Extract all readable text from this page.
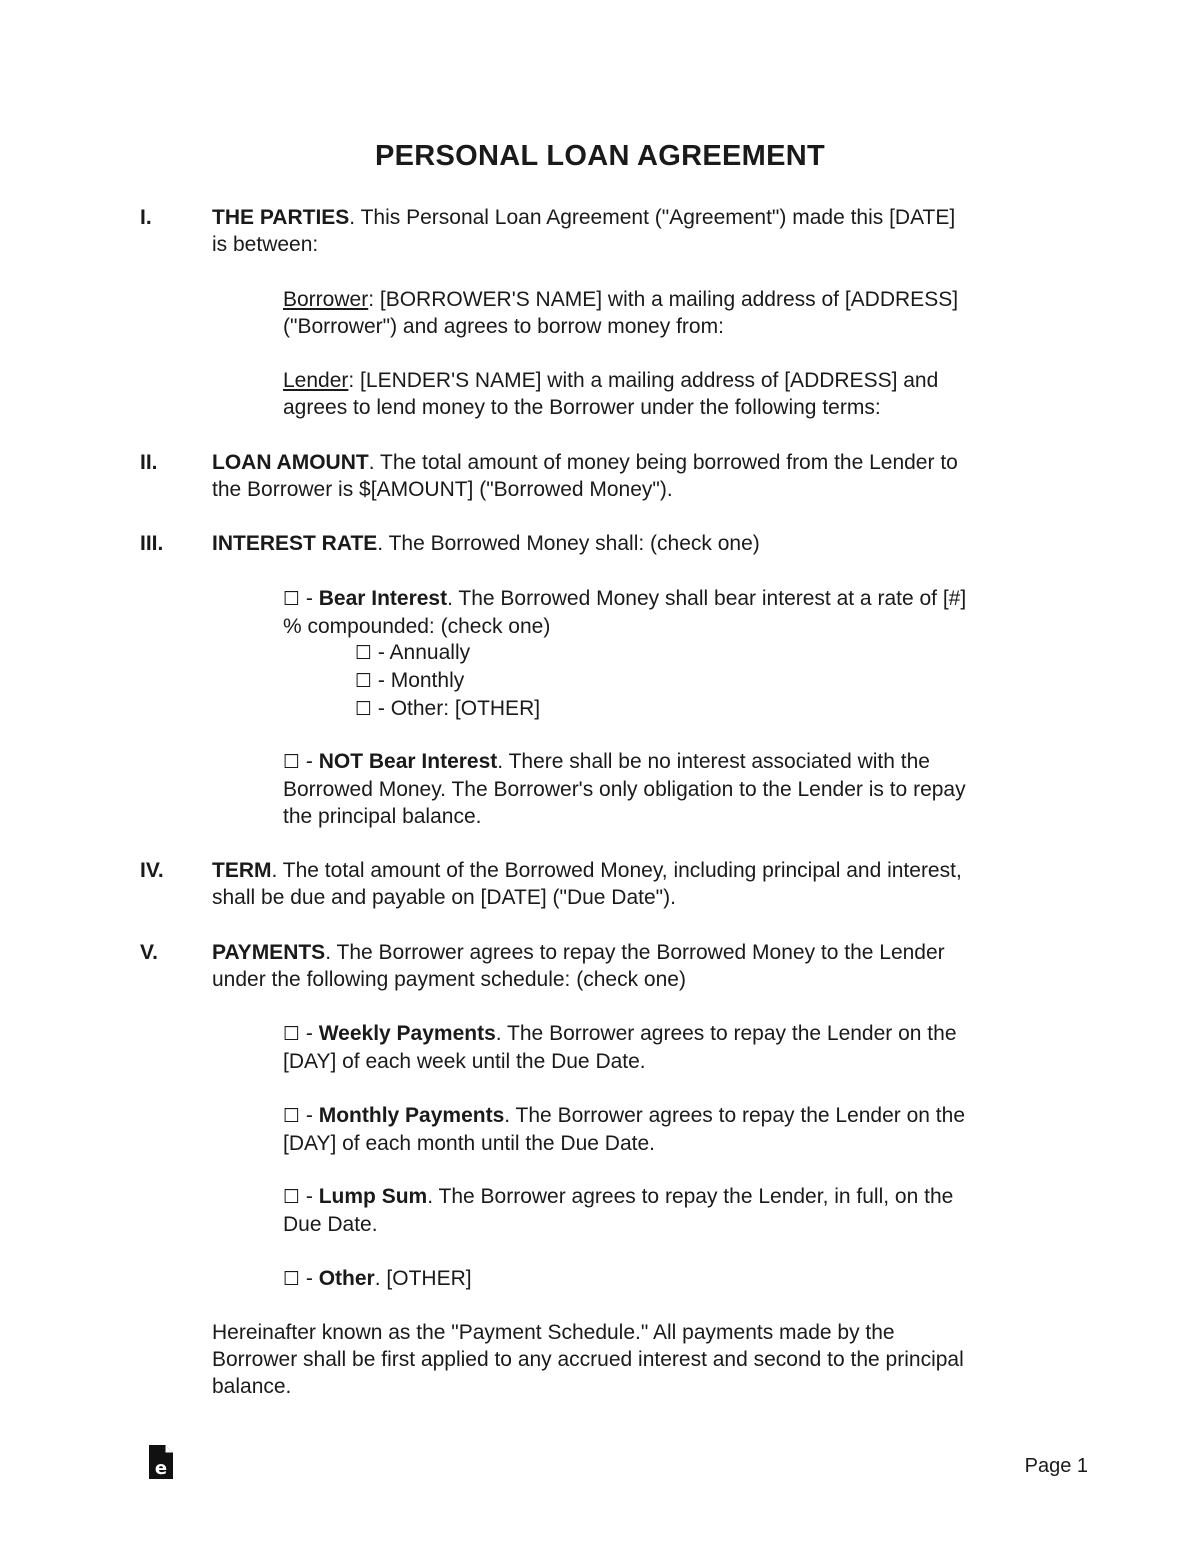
PERSONAL LOAN AGREEMENT
I.	THE PARTIES. This Personal Loan Agreement ("Agreement") made this [DATE]
is between:
Borrower: [BORROWER'S NAME] with a mailing address of [ADDRESS]
("Borrower") and agrees to borrow money from:
Lender: [LENDER'S NAME] with a mailing address of [ADDRESS] and
agrees to lend money to the Borrower under the following terms:
II.	LOAN AMOUNT. The total amount of money being borrowed from the Lender to
the Borrower is $[AMOUNT] ("Borrowed Money").
III.	INTEREST RATE. The Borrowed Money shall: (check one)
☐ - Bear Interest. The Borrowed Money shall bear interest at a rate of [#]
% compounded: (check one)
☐ - Annually
☐ - Monthly
☐ - Other: [OTHER]
☐ - NOT Bear Interest. There shall be no interest associated with the
Borrowed Money. The Borrower's only obligation to the Lender is to repay
the principal balance.
IV.	TERM. The total amount of the Borrowed Money, including principal and interest,
shall be due and payable on [DATE] ("Due Date").
V.	PAYMENTS. The Borrower agrees to repay the Borrowed Money to the Lender
under the following payment schedule: (check one)
☐ - Weekly Payments. The Borrower agrees to repay the Lender on the
[DAY] of each week until the Due Date.
☐ - Monthly Payments. The Borrower agrees to repay the Lender on the
[DAY] of each month until the Due Date.
☐ - Lump Sum. The Borrower agrees to repay the Lender, in full, on the
Due Date.
☐ - Other. [OTHER]
Hereinafter known as the "Payment Schedule." All payments made by the
Borrower shall be first applied to any accrued interest and second to the principal
balance.
e	Page 1
